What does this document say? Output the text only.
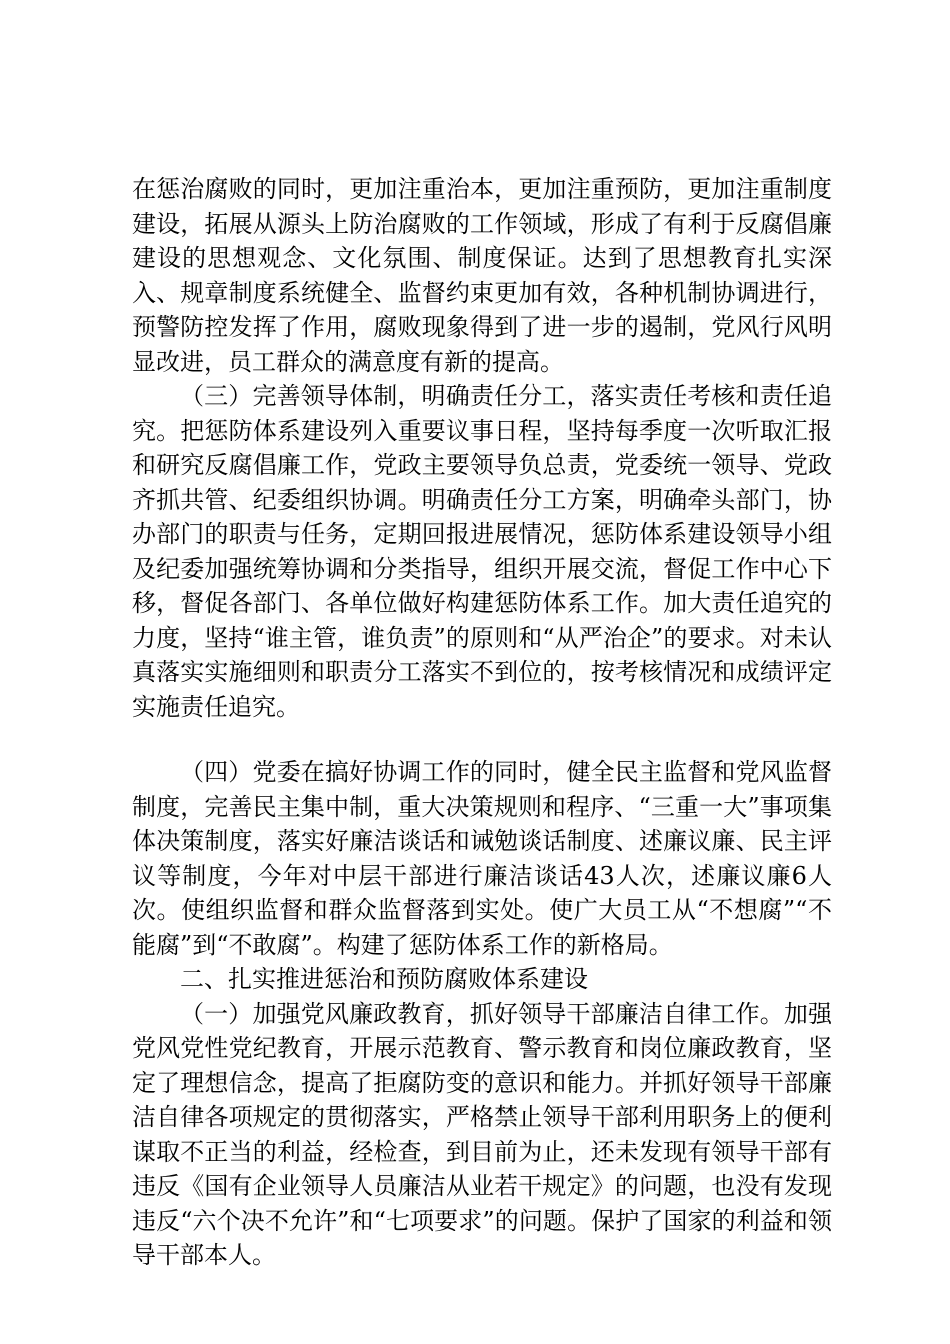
在惩治腐败的同时，更加注重治本，更加注重预防，更加注重制度建设，拓展从源头上防治腐败的工作领域，形成了有利于反腐倡廉建设的思想观念、文化氛围、制度保证。达到了思想教育扎实深入、规章制度系统健全、监督约束更加有效，各种机制协调进行，预警防控发挥了作用，腐败现象得到了进一步的遏制，党风行风明显改进，员工群众的满意度有新的提高。

（三）完善领导体制，明确责任分工，落实责任考核和责任追究。把惩防体系建设列入重要议事日程，坚持每季度一次听取汇报和研究反腐倡廉工作，党政主要领导负总责，党委统一领导、党政齐抓共管、纪委组织协调。明确责任分工方案，明确牵头部门，协办部门的职责与任务，定期回报进展情况，惩防体系建设领导小组及纪委加强统筹协调和分类指导，组织开展交流，督促工作中心下移，督促各部门、各单位做好构建惩防体系工作。加大责任追究的力度，坚持“谁主管，谁负责”的原则和“从严治企”的要求。对未认真落实实施细则和职责分工落实不到位的，按考核情况和成绩评定实施责任追究。

（四）党委在搞好协调工作的同时，健全民主监督和党风监督制度，完善民主集中制，重大决策规则和程序、“三重一大”事项集体决策制度，落实好廉洁谈话和诫勉谈话制度、述廉议廉、民主评议等制度，今年对中层干部进行廉洁谈话43人次，述廉议廉6人次。使组织监督和群众监督落到实处。使广大员工从“不想腐”“不能腐”到“不敢腐”。构建了惩防体系工作的新格局。

二、扎实推进惩治和预防腐败体系建设

（一）加强党风廉政教育，抓好领导干部廉洁自律工作。加强党风党性党纪教育，开展示范教育、警示教育和岗位廉政教育，坚定了理想信念，提高了拒腐防变的意识和能力。并抓好领导干部廉洁自律各项规定的贯彻落实，严格禁止领导干部利用职务上的便利谋取不正当的利益，经检查，到目前为止，还未发现有领导干部有违反《国有企业领导人员廉洁从业若干规定》的问题，也没有发现违反“六个决不允许”和“七项要求”的问题。保护了国家的利益和领导干部本人。
